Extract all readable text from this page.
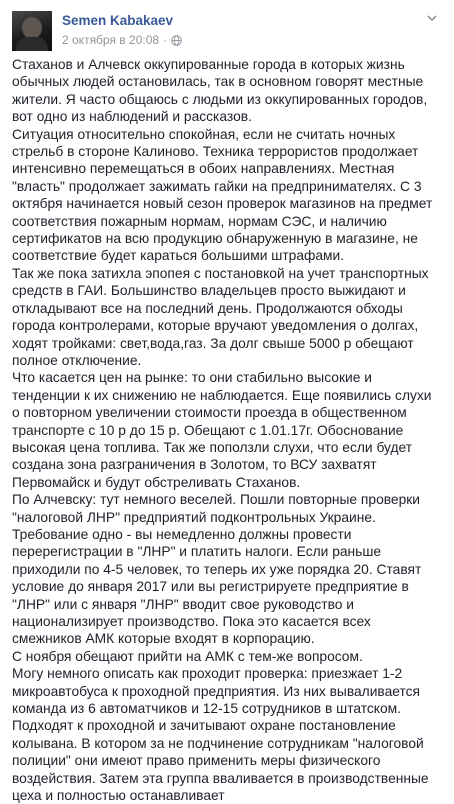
Semen Kabakaev
2 октября в 20:08 ·

Стаханов и Алчевск оккупированные города в которых жизнь обычных людей остановилась, так в основном говорят местные жители. Я часто общаюсь с людьми из оккупированных городов, вот одно из наблюдений и рассказов.

Ситуация относительно спокойная, если не считать ночных стрельб в стороне Калиново. Техника террористов продолжает интенсивно перемещаться в обоих направлениях. Местная "власть" продолжает зажимать гайки на предпринимателях. С 3 октября начинается новый сезон проверок магазинов на предмет соответствия пожарным нормам, нормам СЭС, и наличию сертификатов на всю продукцию обнаруженную в магазине, не соответствие будет караться большими штрафами.

Так же пока затихла эпопея с постановкой на учет транспортных средств в ГАИ. Большинство владельцев просто выжидают и откладывают все на последний день. Продолжаются обходы города контролерами, которые вручают уведомления о долгах, ходят тройками: свет,вода,газ. За долг свыше 5000 р обещают полное отключение.

Что касается цен на рынке: то они стабильно высокие и тенденции к их снижению не наблюдается. Еще появились слухи о повторном увеличении стоимости проезда в общественном транспорте с 10 р до 15 р. Обещают с 1.01.17г. Обоснование высокая цена топлива. Так же поползли слухи, что если будет создана зона разграничения в Золотом, то ВСУ захватят Первомайск и будут обстреливать Стаханов.

По Алчевску: тут немного веселей. Пошли повторные проверки "налоговой ЛНР" предприятий подконтрольных Украине. Требование одно - вы немедленно должны провести перерегистрации в "ЛНР" и платить налоги. Если раньше приходили по 4-5 человек, то теперь их уже порядка 20. Ставят условие до января 2017 или вы регистрируете предприятие в "ЛНР" или с января "ЛНР" вводит свое руководство и национализирует производство. Пока это касается всех смежников АМК которые входят в корпорацию.

С ноября обещают прийти на АМК с тем-же вопросом.

Могу немного описать как проходит проверка: приезжает 1-2 микроавтобуса к проходной предприятия. Из них вываливается команда из 6 автоматчиков и 12-15 сотрудников в штатском. Подходят к проходной и зачитывают охране постановление колывана. В котором за не подчинение сотрудникам "налоговой полиции" они имеют право применить меры физического воздействия. Затем эта группа вваливается в производственные цеха и полностью останавливает
